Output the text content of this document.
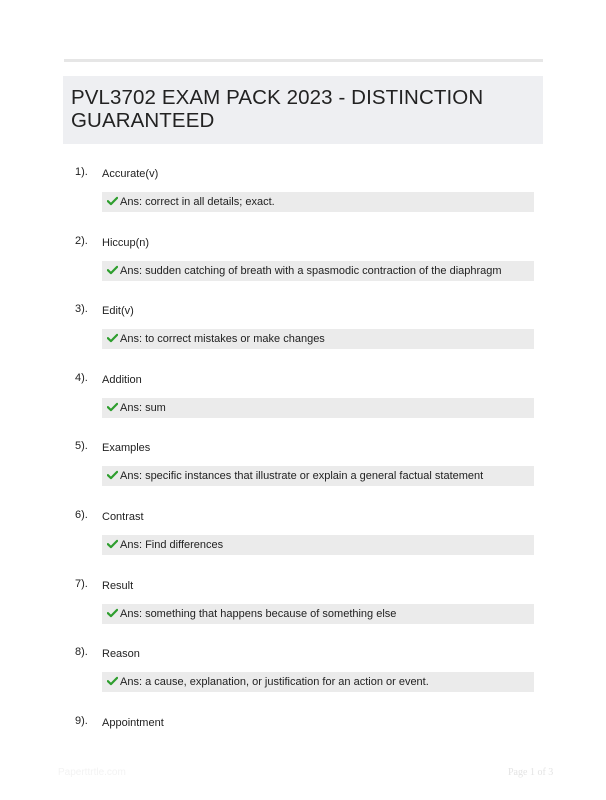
PVL3702 EXAM PACK 2023 - DISTINCTION GUARANTEED
1). Accurate(v)
Ans: correct in all details; exact.
2). Hiccup(n)
Ans: sudden catching of breath with a spasmodic contraction of the diaphragm
3). Edit(v)
Ans: to correct mistakes or make changes
4). Addition
Ans: sum
5). Examples
Ans: specific instances that illustrate or explain a general factual statement
6). Contrast
Ans: Find differences
7). Result
Ans: something that happens because of something else
8). Reason
Ans: a cause, explanation, or justification for an action or event.
9). Appointment
Paperttrtle.com	Page 1 of 3
